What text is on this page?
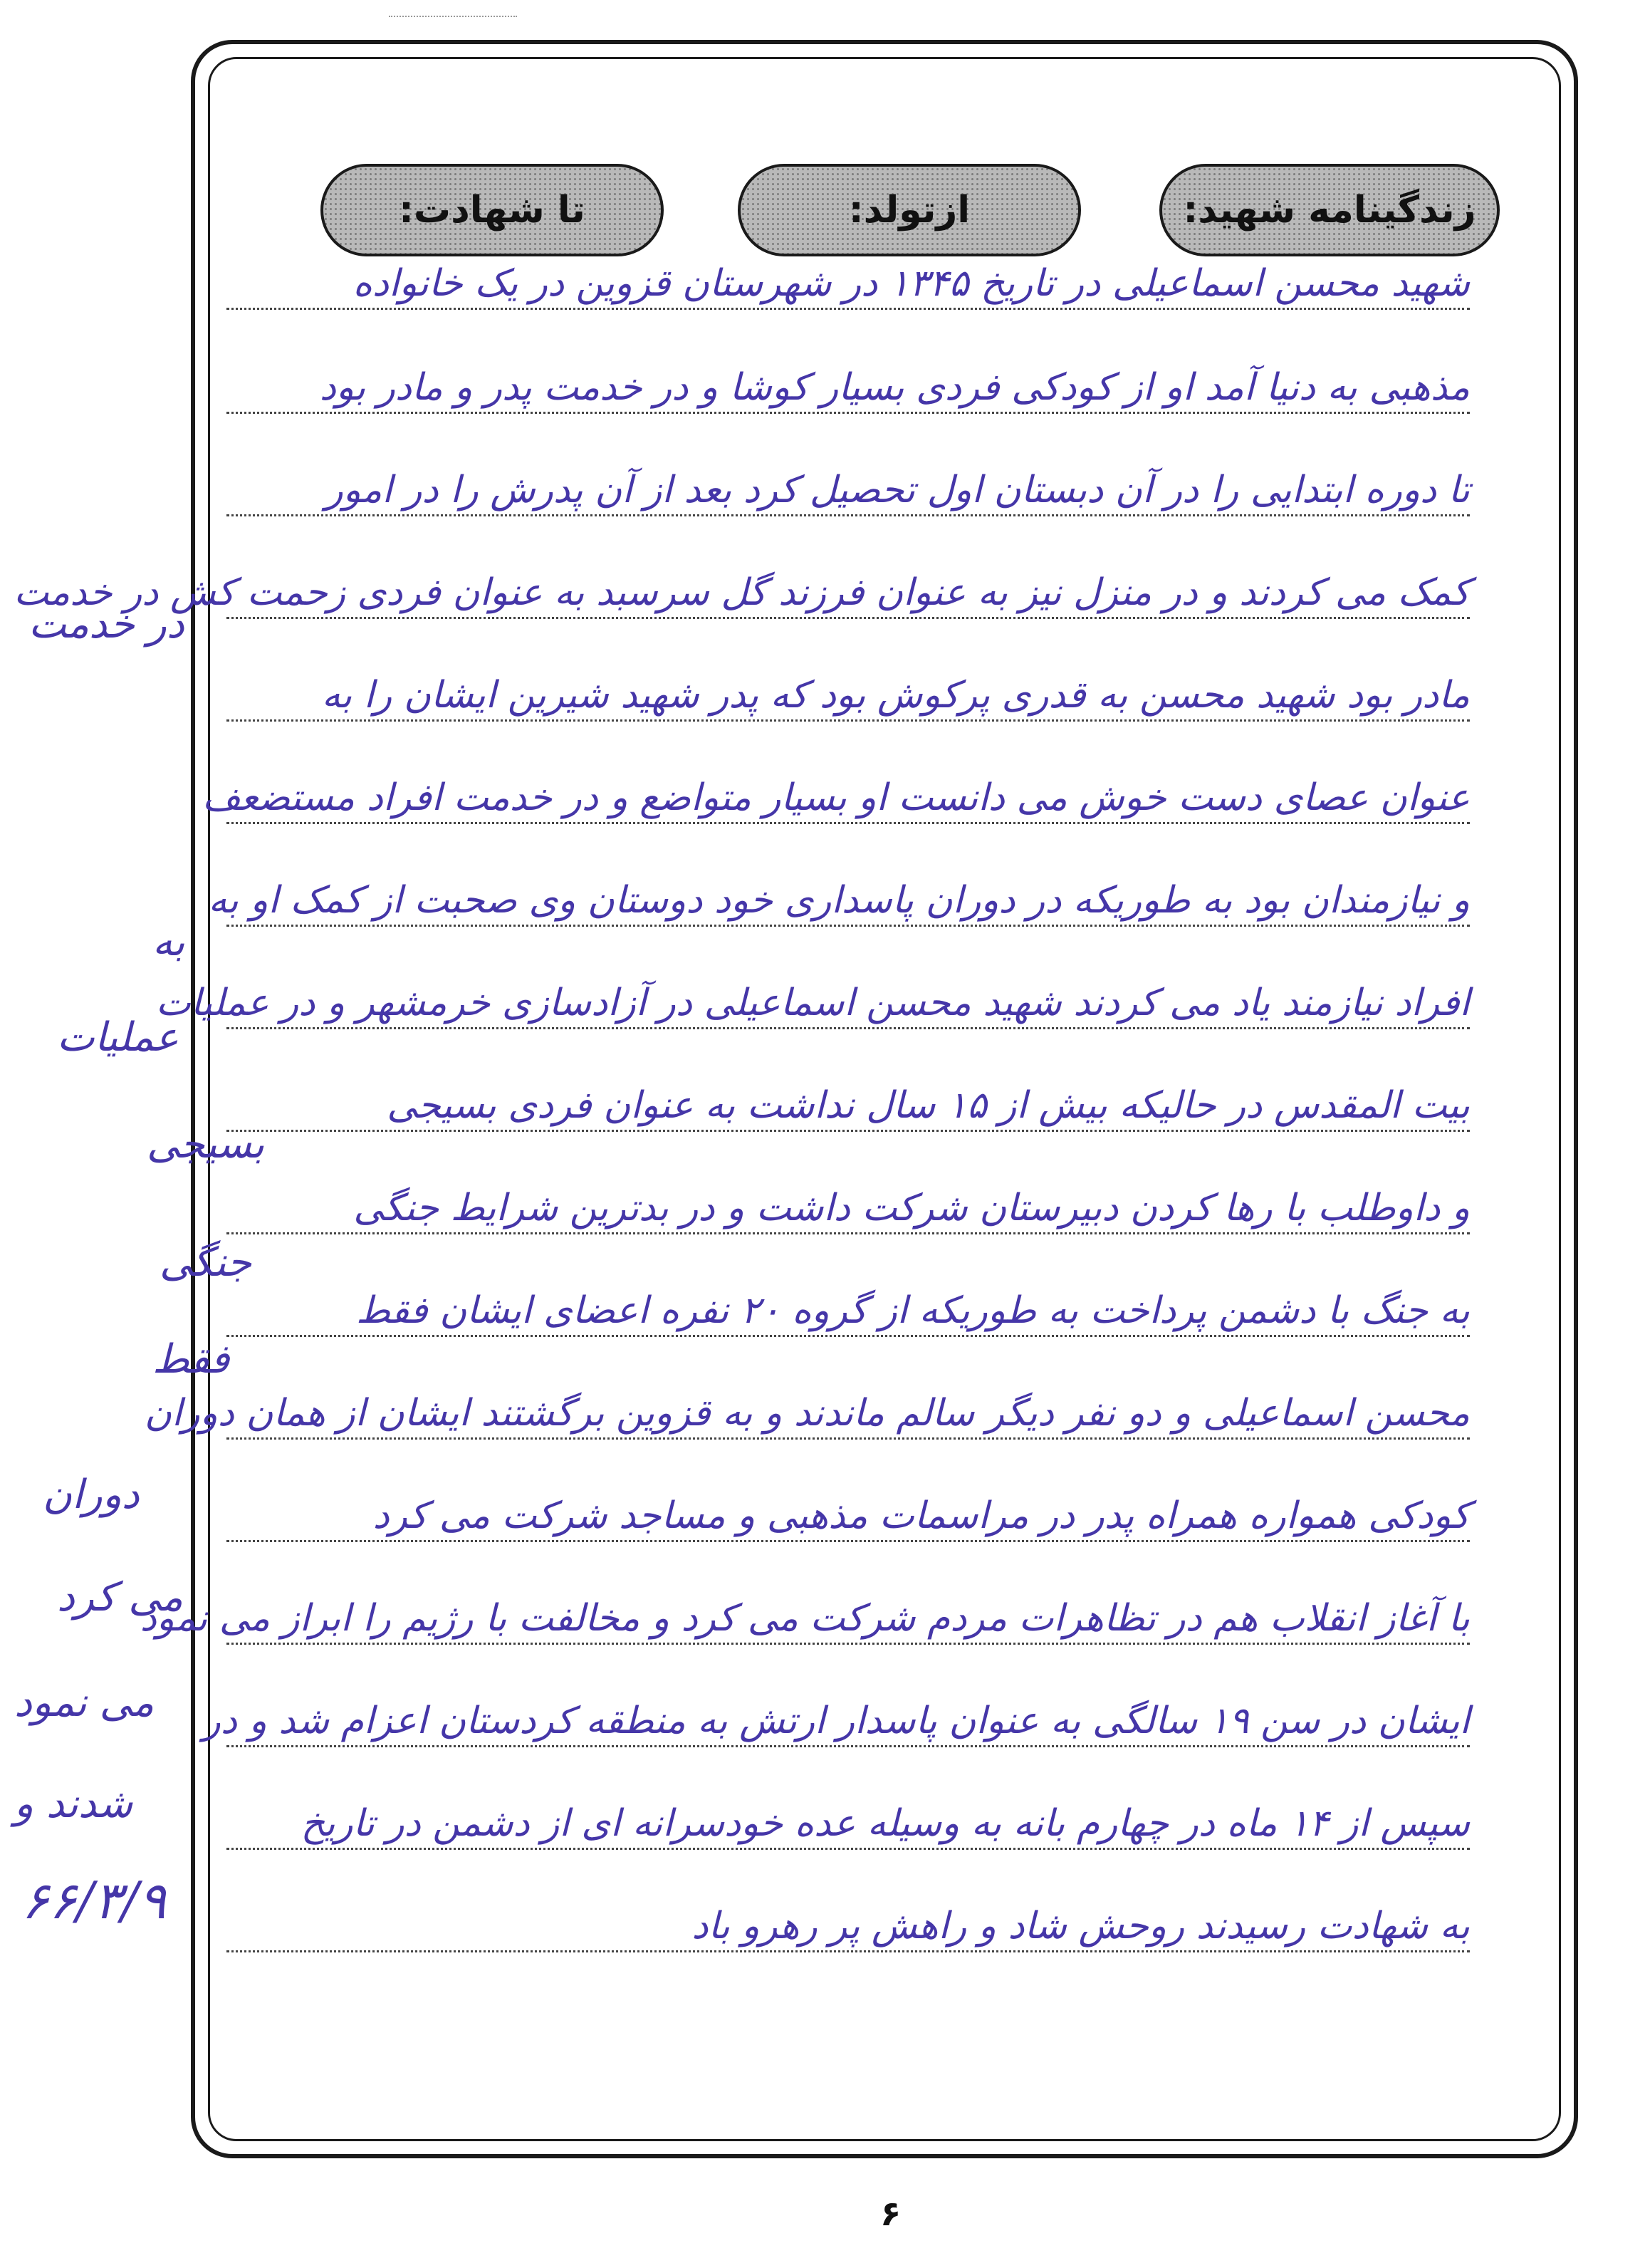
زندگینامه شهید:
ازتولد:
تا شهادت:
شهید محسن اسماعیلی در تاریخ ۱۳۴۵ در شهرستان قزوین در یک خانواده
مذهبی به دنیا آمد او از کودکی فردی بسیار کوشا و در خدمت پدر و مادر بود
تا دوره ابتدایی را در آن دبستان اول تحصیل کرد بعد از آن پدرش را در امور
کمک می کردند و در منزل نیز به عنوان فرزند گل سرسبد به عنوان فردی زحمت کش در خدمت
مادر بود شهید محسن به قدری پرکوش بود که پدر شهید شیرین ایشان را به
عنوان عصای دست خوش می دانست او بسیار متواضع و در خدمت افراد مستضعف
و نیازمندان بود به طوریکه در دوران پاسداری خود دوستان وی صحبت از کمک او به
افراد نیازمند یاد می کردند شهید محسن اسماعیلی در آزادسازی خرمشهر و در عملیات
بیت المقدس در حالیکه بیش از ۱۵ سال نداشت به عنوان فردی بسیجی
و داوطلب با رها کردن دبیرستان شرکت داشت و در بدترین شرایط جنگی
به جنگ با دشمن پرداخت به طوریکه از گروه ۲۰ نفره اعضای ایشان فقط
محسن اسماعیلی و دو نفر دیگر سالم ماندند و به قزوین برگشتند ایشان از همان دوران
کودکی همواره همراه پدر در مراسمات مذهبی و مساجد شرکت می کرد
با آغاز انقلاب هم در تظاهرات مردم شرکت می کرد و مخالفت با رژیم را ابراز می نمود
ایشان در سن ۱۹ سالگی به عنوان پاسدار ارتش به منطقه کردستان اعزام شد و در
سپس از ۱۴ ماه در چهارم بانه به وسیله عده خودسرانه ای از دشمن در تاریخ
به شهادت رسیدند روحش شاد و راهش پر رهرو باد
در خدمت
به
عملیات
بسیجی
جنگی
فقط
دوران
می کرد
می نمود
شدند و
۶۶/۳/۹
۶
